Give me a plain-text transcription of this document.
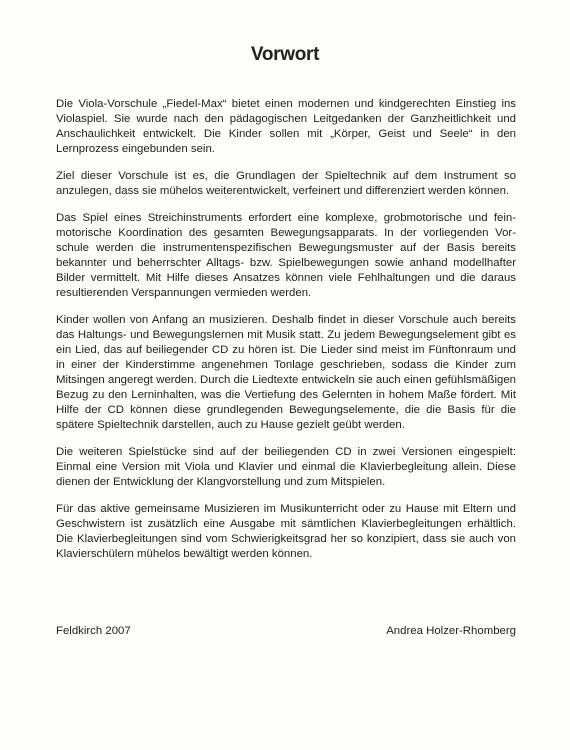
Vorwort

Die Viola-Vorschule „Fiedel-Max“ bietet einen modernen und kindgerechten Einstieg ins Violaspiel. Sie wurde nach den pädagogischen Leitgedanken der Ganzheitlichkeit und Anschaulichkeit entwickelt. Die Kinder sollen mit „Körper, Geist und Seele“ in den Lernprozess eingebunden sein.

Ziel dieser Vorschule ist es, die Grundlagen der Spieltechnik auf dem Instrument so anzulegen, dass sie mühelos weiterentwickelt, verfeinert und differenziert werden können.

Das Spiel eines Streichinstruments erfordert eine komplexe, grobmotorische und feinmotorische Koordination des gesamten Bewegungsapparats. In der vorliegenden Vorschule werden die instrumentenspezifischen Bewegungsmuster auf der Basis bereits bekannter und beherrschter Alltags- bzw. Spielbewegungen sowie anhand modellhafter Bilder vermittelt. Mit Hilfe dieses Ansatzes können viele Fehlhaltungen und die daraus resultierenden Verspannungen vermieden werden.

Kinder wollen von Anfang an musizieren. Deshalb findet in dieser Vorschule auch bereits das Haltungs- und Bewegungslernen mit Musik statt. Zu jedem Bewegungselement gibt es ein Lied, das auf beiliegender CD zu hören ist. Die Lieder sind meist im Fünftonraum und in einer der Kinderstimme angenehmen Tonlage geschrieben, sodass die Kinder zum Mitsingen angeregt werden. Durch die Liedtexte entwickeln sie auch einen gefühlsmäßigen Bezug zu den Lerninhalten, was die Vertiefung des Gelernten in hohem Maße fördert. Mit Hilfe der CD können diese grundlegenden Bewegungselemente, die die Basis für die spätere Spieltechnik darstellen, auch zu Hause gezielt geübt werden.

Die weiteren Spielstücke sind auf der beiliegenden CD in zwei Versionen eingespielt: Einmal eine Version mit Viola und Klavier und einmal die Klavierbegleitung allein. Diese dienen der Entwicklung der Klangvorstellung und zum Mitspielen.

Für das aktive gemeinsame Musizieren im Musikunterricht oder zu Hause mit Eltern und Geschwistern ist zusätzlich eine Ausgabe mit sämtlichen Klavierbegleitungen erhältlich. Die Klavierbegleitungen sind vom Schwierigkeitsgrad her so konzipiert, dass sie auch von Klavierschülern mühelos bewältigt werden können.

Feldkirch 2007	Andrea Holzer-Rhomberg
